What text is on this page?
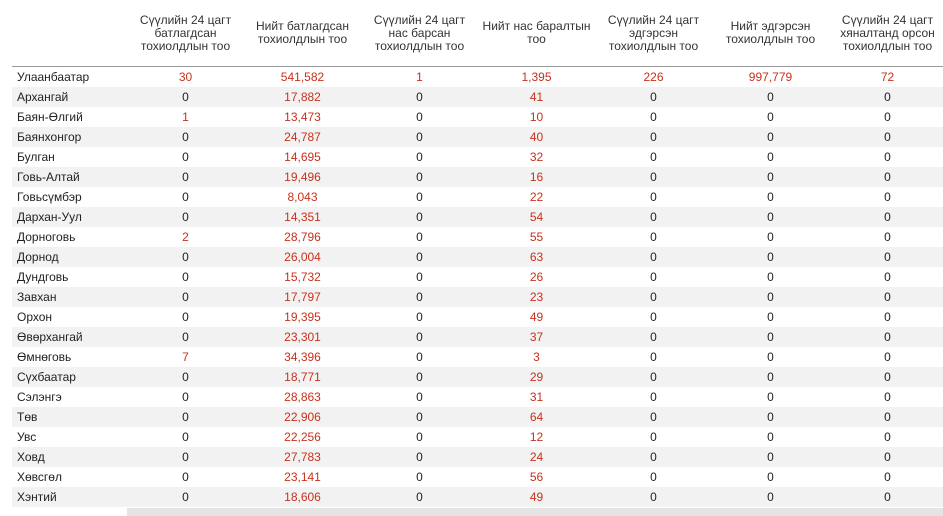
	Сүүлийн 24 цагт батлагдсан тохиолдлын тоо	Нийт батлагдсан тохиолдлын тоо	Сүүлийн 24 цагт нас барсан тохиолдлын тоо	Нийт нас баралтын тоо	Сүүлийн 24 цагт эдгэрсэн тохиолдлын тоо	Нийт эдгэрсэн тохиолдлын тоо	Сүүлийн 24 цагт хяналтанд орсон тохиолдлын тоо	
Улаанбаатар	30	541,582	1	1,395	226	997,779	72	
Архангай	0	17,882	0	41	0	0	0	
Баян-Өлгий	1	13,473	0	10	0	0	0	
Баянхонгор	0	24,787	0	40	0	0	0	
Булган	0	14,695	0	32	0	0	0	
Говь-Алтай	0	19,496	0	16	0	0	0	
Говьсүмбэр	0	8,043	0	22	0	0	0	
Дархан-Уул	0	14,351	0	54	0	0	0	
Дорноговь	2	28,796	0	55	0	0	0	
Дорнод	0	26,004	0	63	0	0	0	
Дундговь	0	15,732	0	26	0	0	0	
Завхан	0	17,797	0	23	0	0	0	
Орхон	0	19,395	0	49	0	0	0	
Өвөрхангай	0	23,301	0	37	0	0	0	
Өмнөговь	7	34,396	0	3	0	0	0	
Сүхбаатар	0	18,771	0	29	0	0	0	
Сэлэнгэ	0	28,863	0	31	0	0	0	
Төв	0	22,906	0	64	0	0	0	
Увс	0	22,256	0	12	0	0	0	
Ховд	0	27,783	0	24	0	0	0	
Хөвсгөл	0	23,141	0	56	0	0	0	
Хэнтий	0	18,606	0	49	0	0	0	
